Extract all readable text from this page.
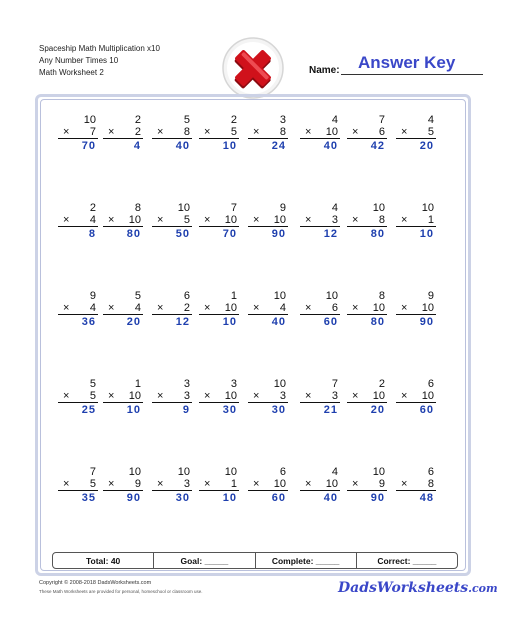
Spaceship Math Multiplication x10
Any Number Times 10
Math Worksheet 2	Name: Answer Key
10
× 7
70
2
× 2
4
5
× 8
40
2
× 5
10
3
× 8
24
4
× 10
40
7
× 6
42
4
× 5
20
2
× 4
8
8
× 10
80
10
× 5
50
7
× 10
70
9
× 10
90
4
× 3
12
10
× 8
80
10
× 1
10
9
× 4
36
5
× 4
20
6
× 2
12
1
× 10
10
10
× 4
40
10
× 6
60
8
× 10
80
9
× 10
90
5
× 5
25
1
× 10
10
3
× 3
9
3
× 10
30
10
× 3
30
7
× 3
21
2
× 10
20
6
× 10
60
7
× 5
35
10
× 9
90
10
× 3
30
10
× 1
10
6
× 10
60
4
× 10
40
10
× 9
90
6
× 8
48
Total: 40	Goal: _____	Complete: _____	Correct: _____
Copyright © 2008-2018 DadsWorksheets.com
These Math Worksheets are provided for personal, homeschool or classroom use.	DadsWorksheets.com
